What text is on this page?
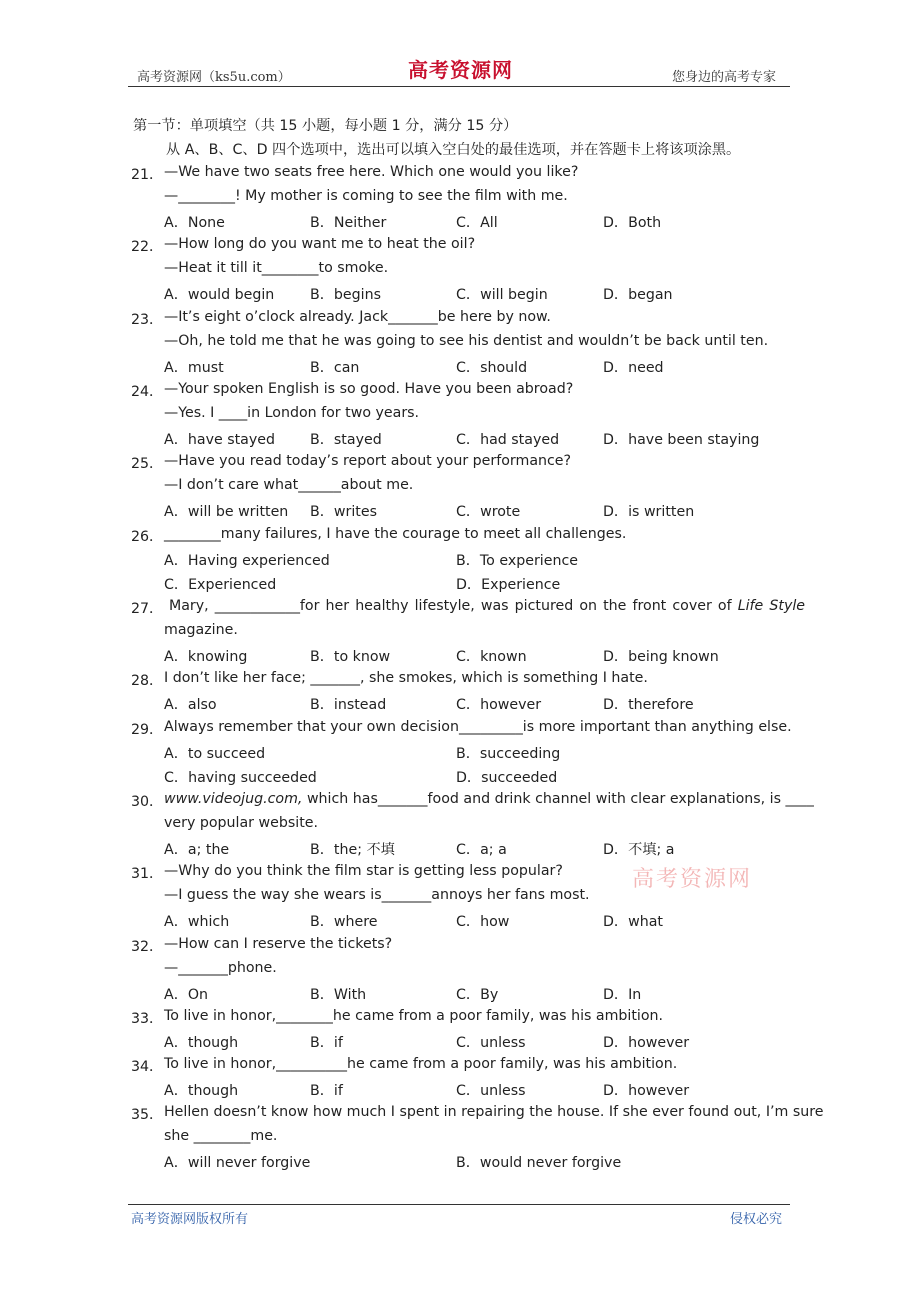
高考资源网（ks5u.com）	高考资源网	您身边的高考专家
第一节：单项填空（共 15 小题，每小题 1 分，满分 15 分）
从 A、B、C、D 四个选项中，选出可以填入空白处的最佳选项，并在答题卡上将该项涂黑。
21． —We have two seats free here. Which one would you like?
—________! My mother is coming to see the film with me.
A．None	B．Neither	C．All	D．Both
22． —How long do you want me to heat the oil?
—Heat it till it________to smoke.
A．would begin	B．begins	C．will begin	D．began
23． —It’s eight o’clock already. Jack_______be here by now.
—Oh, he told me that he was going to see his dentist and wouldn’t be back until ten.
A．must	B．can	C．should	D．need
24． —Your spoken English is so good. Have you been abroad?
—Yes. I ____in London for two years.
A．have stayed B．stayed	C．had stayed	D．have been staying
25． —Have you read today’s report about your performance?
—I don’t care what______about me.
A．will be written B．writes	C．wrote	D．is written
26． ________many failures, I have the courage to meet all challenges.
A．Having experienced	B．To experience
C．Experienced	D．Experience
27． Mary, ____________for her healthy lifestyle, was pictured on the front cover of Life Style
magazine.
A．knowing	B．to know	C．known	D．being known
28． I don’t like her face; _______, she smokes, which is something I hate.
A．also	B．instead	C．however	D．therefore
29． Always remember that your own decision_________is more important than anything else.
A．to succeed	B．succeeding
C．having succeeded	D．succeeded
30． www.videojug.com, which has_______food and drink channel with clear explanations, is ____
very popular website.
A．a; the	B．the; 不填	C．a; a	D．不填; a
高考资源网
31． —Why do you think the film star is getting less popular?
—I guess the way she wears is_______annoys her fans most.
A．which	B．where	C．how	D．what
32． —How can I reserve the tickets?
—_______phone.
A．On	B．With	C．By	D．In
33． To live in honor,________he came from a poor family, was his ambition.
A．though	B．if	C．unless	D．however
34． To live in honor,__________he came from a poor family, was his ambition.
A．though	B．if	C．unless	D．however
35． Hellen doesn’t know how much I spent in repairing the house. If she ever found out, I’m sure
she ________me.
A．will never forgive	B．would never forgive
高考资源网版权所有	侵权必究
